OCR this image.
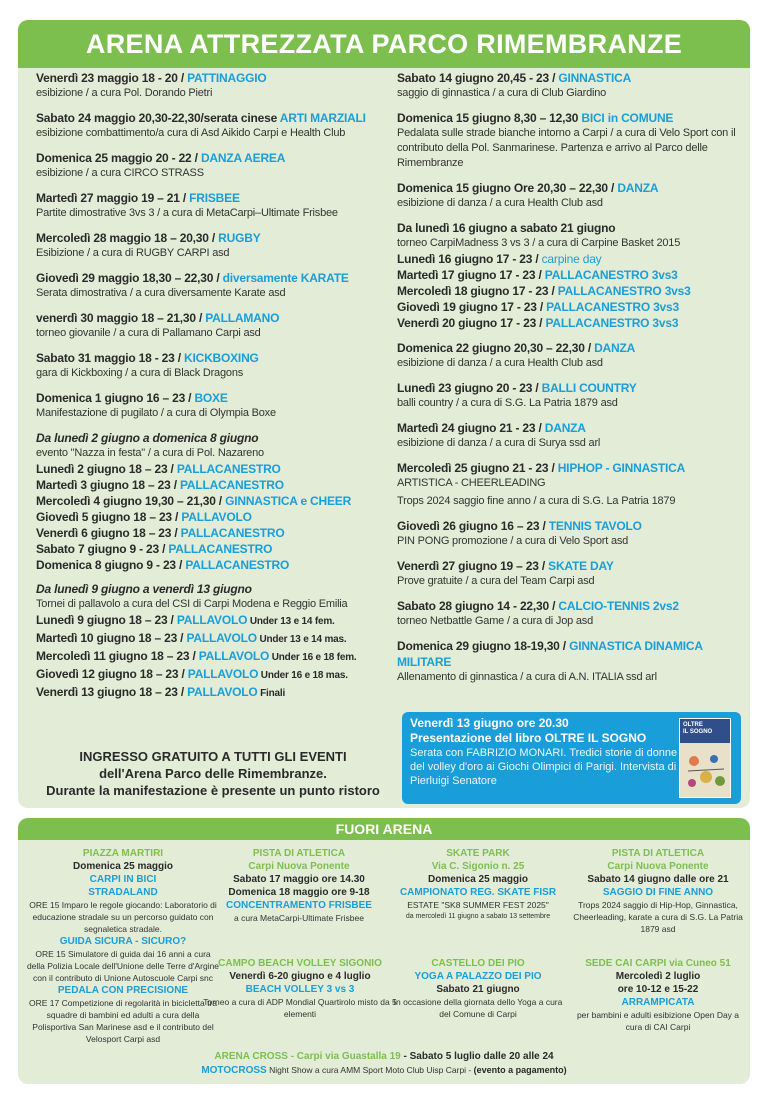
ARENA ATTREZZATA PARCO RIMEMBRANZE
Venerdì 23 maggio 18 - 20 / PATTINAGGIO
esibizione / a cura Pol. Dorando Pietri
Sabato 24 maggio 20,30-22,30/serata cinese ARTI MARZIALI
esibizione combattimento/a cura di Asd Aikido Carpi e Health Club
Domenica 25 maggio 20 - 22 / DANZA AEREA
esibizione / a cura CIRCO STRASS
Martedì 27 maggio 19 – 21 / FRISBEE
Partite dimostrative 3vs 3 / a cura di MetaCarpi–Ultimate Frisbee
Mercoledì 28 maggio 18 – 20,30 / RUGBY
Esibizione / a cura di RUGBY CARPI asd
Giovedì 29 maggio 18,30 – 22,30 / diversamente KARATE
Serata dimostrativa / a cura diversamente Karate asd
venerdì 30 maggio 18 – 21,30 / PALLAMANO
torneo giovanile / a cura di Pallamano Carpi asd
Sabato 31 maggio 18 - 23 / KICKBOXING
gara di Kickboxing / a cura di Black Dragons
Domenica 1 giugno 16 – 23 / BOXE
Manifestazione di pugilato / a cura di Olympia Boxe
Da lunedì 2 giugno a domenica 8 giugno
evento "Nazza in festa" / a cura di Pol. Nazareno
Lunedì 2 giugno 18 – 23 / PALLACANESTRO
Martedì 3 giugno 18 – 23 / PALLACANESTRO
Mercoledì 4 giugno 19,30 – 21,30 / GINNASTICA e CHEER
Giovedì 5 giugno 18 – 23 / PALLAVOLO
Venerdì 6 giugno 18 – 23 / PALLACANESTRO
Sabato 7 giugno 9 - 23 / PALLACANESTRO
Domenica 8 giugno 9 - 23 / PALLACANESTRO
Da lunedì 9 giugno a venerdì 13 giugno
Tornei di pallavolo a cura del CSI di Carpi Modena e Reggio Emilia
Lunedì 9 giugno 18 – 23 / PALLAVOLO Under 13 e 14 fem.
Martedì 10 giugno 18 – 23 / PALLAVOLO Under 13 e 14 mas.
Mercoledì 11 giugno 18 – 23 / PALLAVOLO Under 16 e 18 fem.
Giovedì 12 giugno 18 – 23 / PALLAVOLO Under 16 e 18 mas.
Venerdì 13 giugno 18 – 23 / PALLAVOLO Finali
INGRESSO GRATUITO A TUTTI GLI EVENTI
dell'Arena Parco delle Rimembranze.
Durante la manifestazione è presente un punto ristoro
Sabato 14 giugno 20,45 - 23 / GINNASTICA
saggio di ginnastica / a cura di Club Giardino
Domenica 15 giugno 8,30 – 12,30 BICI in COMUNE
Pedalata sulle strade bianche intorno a Carpi / a cura di Velo Sport con il contributo della Pol. Sanmarinese. Partenza e arrivo al Parco delle Rimembranze
Domenica 15 giugno Ore 20,30 – 22,30 / DANZA
esibizione di danza / a cura Health Club asd
Da lunedì 16 giugno a sabato 21 giugno
torneo CarpiMadness 3 vs 3 / a cura di Carpine Basket 2015
Lunedì 16 giugno 17 - 23 / carpine day
Martedì 17 giugno 17 - 23 / PALLACANESTRO 3vs3
Mercoledì 18 giugno 17 - 23 / PALLACANESTRO 3vs3
Giovedì 19 giugno 17 - 23 / PALLACANESTRO 3vs3
Venerdì 20 giugno 17 - 23 / PALLACANESTRO 3vs3
Domenica 22 giugno 20,30 – 22,30 / DANZA
esibizione di danza / a cura Health Club asd
Lunedì 23 giugno 20 - 23 / BALLI COUNTRY
balli country / a cura di S.G. La Patria 1879 asd
Martedì 24 giugno 21 - 23 / DANZA
esibizione di danza / a cura di Surya ssd arl
Mercoledì 25 giugno 21 - 23 / HIPHOP - GINNASTICA
ARTISTICA - CHEERLEADING
Trops 2024 saggio fine anno / a cura di S.G. La Patria 1879
Giovedì 26 giugno 16 – 23 / TENNIS TAVOLO
PIN PONG promozione / a cura di Velo Sport asd
Venerdì 27 giugno 19 – 23 / SKATE DAY
Prove gratuite / a cura del Team Carpi asd
Sabato 28 giugno 14 - 22,30 / CALCIO-TENNIS 2vs2
torneo Netbattle Game / a cura di Jop asd
Domenica 29 giugno 18-19,30 / GINNASTICA DINAMICA
MILITARE
Allenamento di ginnastica / a cura di A.N. ITALIA ssd arl
Venerdì 13 giugno ore 20.30
Presentazione del libro OLTRE IL SOGNO
Serata con FABRIZIO MONARI. Tredici storie di donne del volley d'oro ai Giochi Olimpici di Parigi. Intervista di Pierluigi Senatore
OLTRE
IL SOGNO
FUORI ARENA
PIAZZA MARTIRI
Domenica 25 maggio
CARPI IN BICI
STRADALAND
ORE 15 Imparo le regole giocando: Laboratorio di educazione stradale su un percorso guidato con segnaletica stradale.
GUIDA SICURA - SICURO?
ORE 15 Simulatore di guida dai 16 anni a cura della Polizia Locale dell'Unione delle Terre d'Argine con il contributo di Unione Autoscuole Carpi snc
PEDALA CON PRECISIONE
ORE 17 Competizione di regolarità in bicicletta tra squadre di bambini ed adulti a cura della Polisportiva San Marinese asd e il contributo del Velosport Carpi asd
PISTA DI ATLETICA
Carpi Nuova Ponente
Sabato 17 maggio ore 14.30
Domenica 18 maggio ore 9-18
CONCENTRAMENTO FRISBEE
a cura MetaCarpi-Ultimate Frisbee
CAMPO BEACH VOLLEY SIGONIO
Venerdì 6-20 giugno e 4 luglio
BEACH VOLLEY 3 vs 3
Torneo a cura di ADP Mondial Quartirolo misto da 5 elementi
SKATE PARK
Via C. Sigonio n. 25
Domenica 25 maggio
CAMPIONATO REG. SKATE FISR
ESTATE "SK8 SUMMER FEST 2025"
da mercoledì 11 giugno a sabato 13 settembre
CASTELLO DEI PIO
YOGA A PALAZZO DEI PIO
Sabato 21 giugno
In occasione della giornata dello Yoga a cura del Comune di Carpi
PISTA DI ATLETICA
Carpi Nuova Ponente
Sabato 14 giugno dalle ore 21
SAGGIO DI FINE ANNO
Trops 2024 saggio di Hip-Hop, Ginnastica, Cheerleading, karate a cura di S.G. La Patria 1879 asd
SEDE CAI CARPI via Cuneo 51
Mercoledì 2 luglio
ore 10-12 e 15-22
ARRAMPICATA
per bambini e adulti esibizione Open Day a cura di CAI Carpi
ARENA CROSS - Carpi via Guastalla 19 - Sabato 5 luglio dalle 20 alle 24
MOTOCROSS Night Show a cura AMM Sport Moto Club Uisp Carpi - (evento a pagamento)
